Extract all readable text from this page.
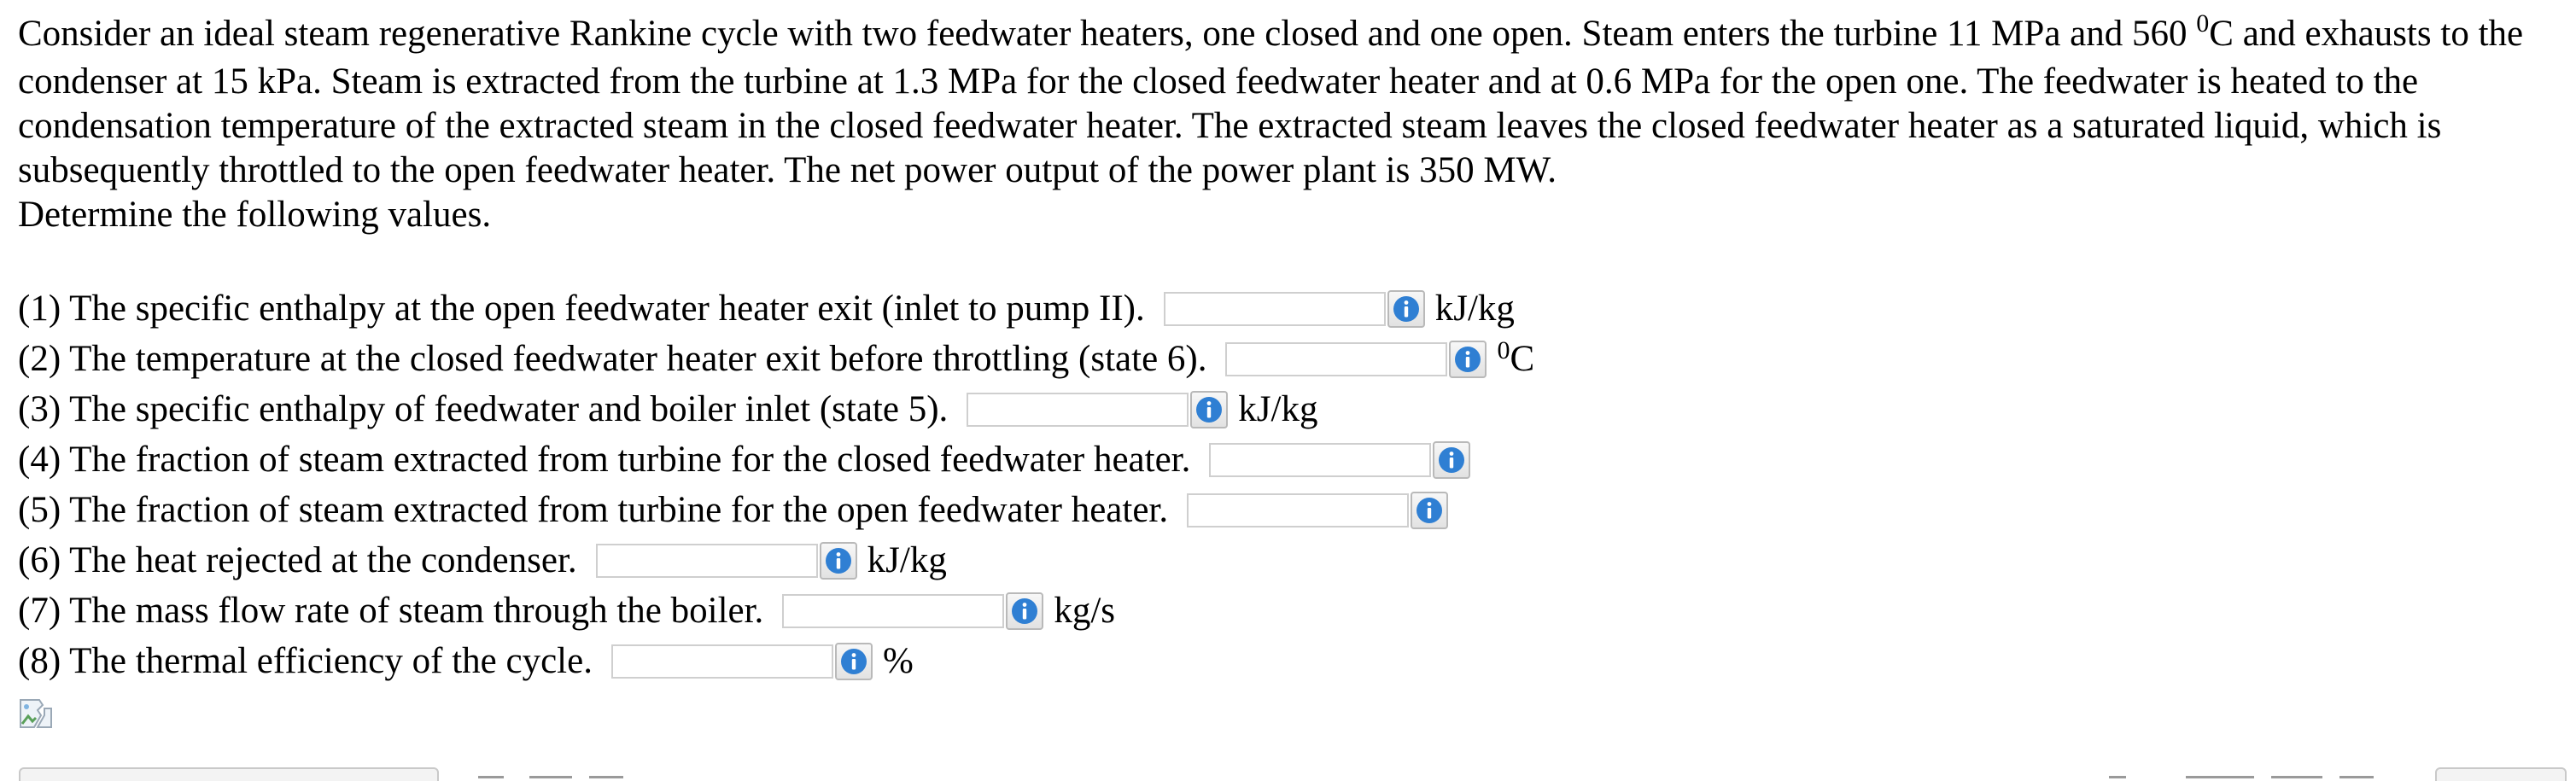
Consider an ideal steam regenerative Rankine cycle with two feedwater heaters, one closed and one open. Steam enters the turbine 11 MPa and 560 $^0$C and exhausts to the condenser at 15 kPa. Steam is extracted from the turbine at 1.3 MPa for the closed feedwater heater and at 0.6 MPa for the open one. The feedwater is heated to the condensation temperature of the extracted steam in the closed feedwater heater. The extracted steam leaves the closed feedwater heater as a saturated liquid, which is subsequently throttled to the open feedwater heater. The net power output of the power plant is 350 MW.

Determine the following values.

(1) The specific enthalpy at the open feedwater heater exit (inlet to pump II).	kJ/kg
(2) The temperature at the closed feedwater heater exit before throttling (state 6).	$^0$C
(3) The specific enthalpy of feedwater and boiler inlet (state 5).	kJ/kg
(4) The fraction of steam extracted from turbine for the closed feedwater heater.
(5) The fraction of steam extracted from turbine for the open feedwater heater.
(6) The heat rejected at the condenser.	kJ/kg
(7) The mass flow rate of steam through the boiler.	kg/s
(8) The thermal efficiency of the cycle.	%
